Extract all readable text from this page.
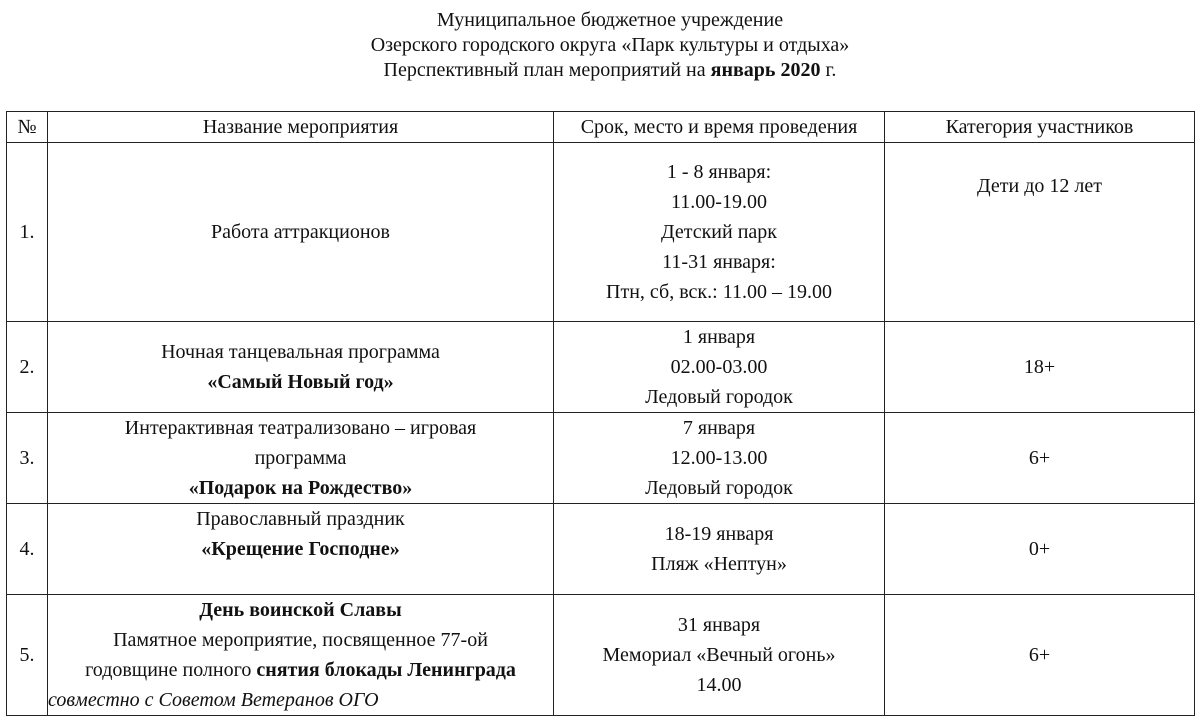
Муниципальное бюджетное учреждение
Озерского городского округа «Парк культуры и отдыха»
Перспективный план мероприятий на январь 2020 г.
№	Название мероприятия	Срок, место и время проведения	Категория участников
1.	Работа аттракционов	1 - 8 января:
11.00-19.00
Детский парк
11-31 января:
Птн, сб, вск.: 11.00 – 19.00	Дети до 12 лет
2.	Ночная танцевальная программа
«Самый Новый год»	1 января
02.00-03.00
Ледовый городок	18+
3.	Интерактивная театрализовано – игровая
программа
«Подарок на Рождество»	7 января
12.00-13.00
Ледовый городок	6+
4.	Православный праздник
«Крещение Господне»	18-19 января
Пляж «Нептун»	0+
5.	День воинской Славы
Памятное мероприятие, посвященное 77-ой
годовщине полного снятия блокады Ленинграда
совместно с Советом Ветеранов ОГО	31 января
Мемориал «Вечный огонь»
14.00	6+
